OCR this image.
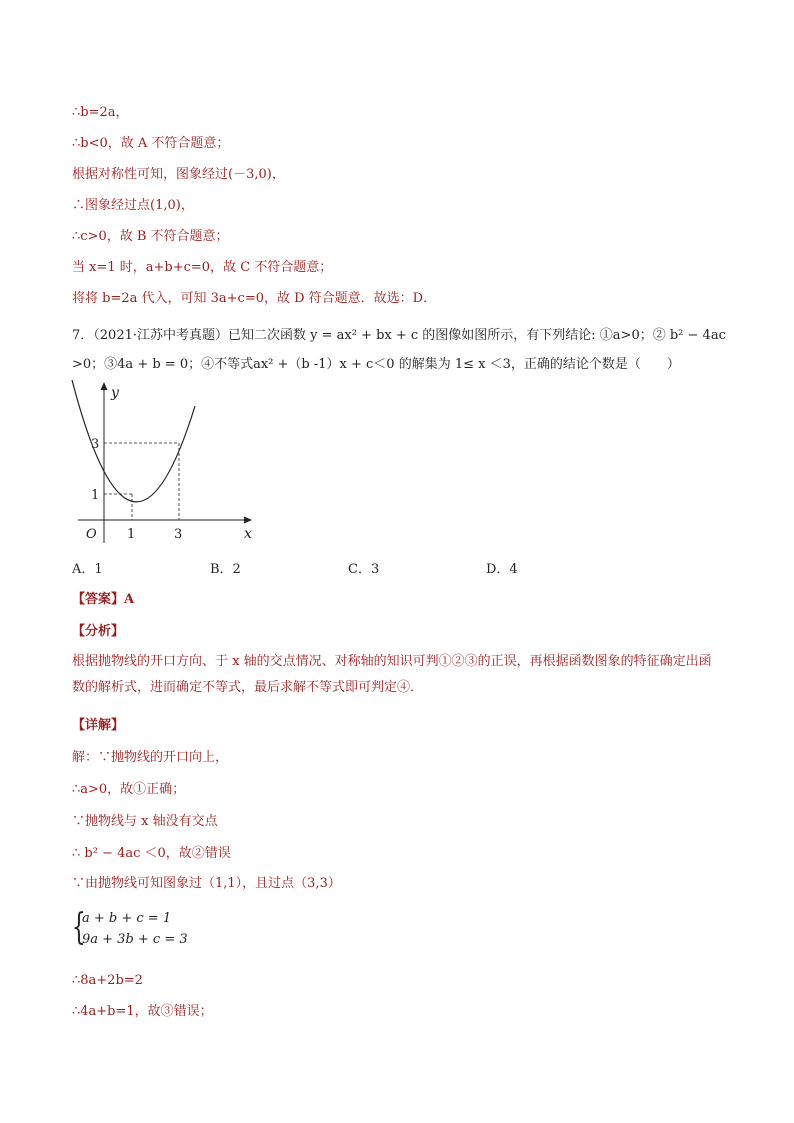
∴b=2a，
∴b<0，故 A 不符合题意；
根据对称性可知，图象经过(－3,0)，
∴图象经过点(1,0)，
∴c>0，故 B 不符合题意；
当 x=1 时，a+b+c=0，故 C 不符合题意；
将将 b=2a 代入，可知 3a+c=0，故 D 符合题意．故选：D．
7．（2021·江苏中考真题）已知二次函数 y = ax² + bx + c 的图像如图所示，有下列结论: ①a>0；② b² − 4ac
>0；③4a + b = 0；④不等式ax² +（b -1）x + c＜0 的解集为 1≤ x ＜3，正确的结论个数是（　　）
y
x
O 1	3
1
3
A．1	B．2	C．3	D．4
【答案】A
【分析】
根据抛物线的开口方向、于 x 轴的交点情况、对称轴的知识可判①②③的正误，再根据函数图象的特征确定出函数的解析式，进而确定不等式，最后求解不等式即可判定④．
【详解】
解：∵抛物线的开口向上，
∴a>0，故①正确；
∵抛物线与 x 轴没有交点
∴ b² − 4ac ＜0，故②错误
∵由抛物线可知图象过（1,1），且过点（3,3）
{
a + b + c = 1
9a + 3b + c = 3
∴8a+2b=2
∴4a+b=1，故③错误；
